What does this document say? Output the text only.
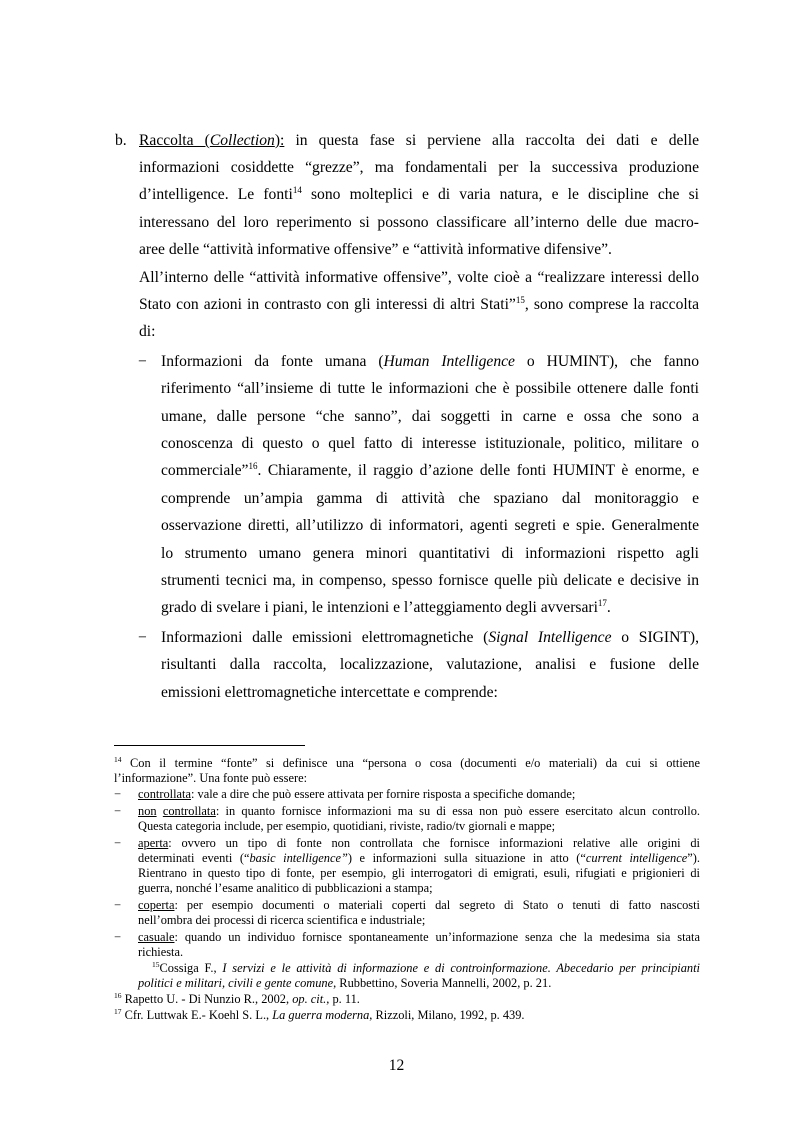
b. Raccolta (Collection): in questa fase si perviene alla raccolta dei dati e delle
informazioni cosiddette “grezze”, ma fondamentali per la successiva produzione
d’intelligence. Le fonti$^{14}$ sono molteplici e di varia natura, e le discipline che si
interessano del loro reperimento si possono classificare all’interno delle due macro-
aree delle “attività informative offensive” e “attività informative difensive”.
All’interno delle “attività informative offensive”, volte cioè a “realizzare interessi dello
Stato con azioni in contrasto con gli interessi di altri Stati”$^{15}$, sono comprese la raccolta
di:
− Informazioni da fonte umana (Human Intelligence o HUMINT), che fanno
riferimento “all’insieme di tutte le informazioni che è possibile ottenere dalle fonti
umane, dalle persone “che sanno”, dai soggetti in carne e ossa che sono a
conoscenza di questo o quel fatto di interesse istituzionale, politico, militare o
commerciale”$^{16}$. Chiaramente, il raggio d’azione delle fonti HUMINT è enorme, e
comprende un’ampia gamma di attività che spaziano dal monitoraggio e
osservazione diretti, all’utilizzo di informatori, agenti segreti e spie. Generalmente
lo strumento umano genera minori quantitativi di informazioni rispetto agli
strumenti tecnici ma, in compenso, spesso fornisce quelle più delicate e decisive in
grado di svelare i piani, le intenzioni e l’atteggiamento degli avversari$^{17}$.
− Informazioni dalle emissioni elettromagnetiche (Signal Intelligence o SIGINT),
risultanti dalla raccolta, localizzazione, valutazione, analisi e fusione delle
emissioni elettromagnetiche intercettate e comprende:
$^{14}$ Con il termine “fonte” si definisce una “persona o cosa (documenti e/o materiali) da cui si ottiene
l’informazione”. Una fonte può essere:
− controllata: vale a dire che può essere attivata per fornire risposta a specifiche domande;
− non controllata: in quanto fornisce informazioni ma su di essa non può essere esercitato alcun controllo.
Questa categoria include, per esempio, quotidiani, riviste, radio/tv giornali e mappe;
− aperta: ovvero un tipo di fonte non controllata che fornisce informazioni relative alle origini di
determinati eventi (“basic intelligence”) e informazioni sulla situazione in atto (“current intelligence”).
Rientrano in questo tipo di fonte, per esempio, gli interrogatori di emigrati, esuli, rifugiati e prigionieri di
guerra, nonché l’esame analitico di pubblicazioni a stampa;
− coperta: per esempio documenti o materiali coperti dal segreto di Stato o tenuti di fatto nascosti
nell’ombra dei processi di ricerca scientifica e industriale;
− casuale: quando un individuo fornisce spontaneamente un’informazione senza che la medesima sia stata
richiesta.
$^{15}$Cossiga F., I servizi e le attività di informazione e di controinformazione. Abecedario per principianti
politici e militari, civili e gente comune, Rubbettino, Soveria Mannelli, 2002, p. 21.
$^{16}$ Rapetto U. - Di Nunzio R., 2002, op. cit., p. 11.
$^{17}$ Cfr. Luttwak E.- Koehl S. L., La guerra moderna, Rizzoli, Milano, 1992, p. 439.
12
